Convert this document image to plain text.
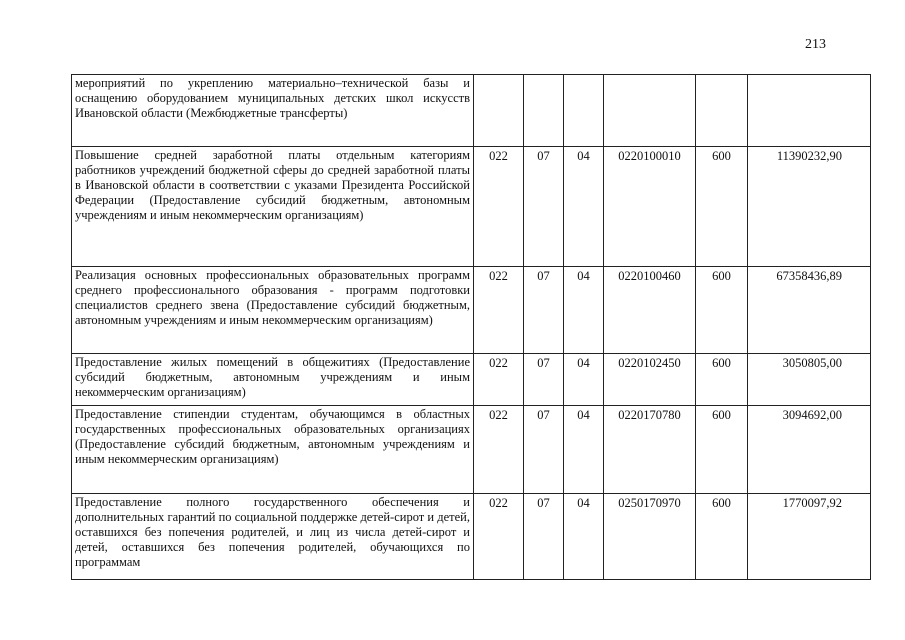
213
мероприятий по укреплению материально–технической базы и оснащению оборудованием муниципальных детских школ искусств Ивановской области (Межбюджетные трансферты)						
Повышение средней заработной платы отдельным категориям работников учреждений бюджетной сферы до средней заработной платы в Ивановской области в соответствии с указами Президента Российской Федерации (Предоставление субсидий бюджетным, автономным учреждениям и иным некоммерческим организациям)	022	07	04	0220100010	600	11390232,90
Реализация основных профессиональных образовательных программ среднего профессионального образования - программ подготовки специалистов среднего звена (Предоставление субсидий бюджетным, автономным учреждениям и иным некоммерческим организациям)	022	07	04	0220100460	600	67358436,89
Предоставление жилых помещений в общежитиях (Предоставление субсидий бюджетным, автономным учреждениям и иным некоммерческим организациям)	022	07	04	0220102450	600	3050805,00
Предоставление стипендии студентам, обучающимся в областных государственных профессиональных образовательных организациях (Предоставление субсидий бюджетным, автономным учреждениям и иным некоммерческим организациям)	022	07	04	0220170780	600	3094692,00
Предоставление полного государственного обеспечения и дополнительных гарантий по социальной поддержке детей-сирот и детей, оставшихся без попечения родителей, и лиц из числа детей-сирот и детей, оставшихся без попечения родителей, обучающихся по программам	022	07	04	0250170970	600	1770097,92
